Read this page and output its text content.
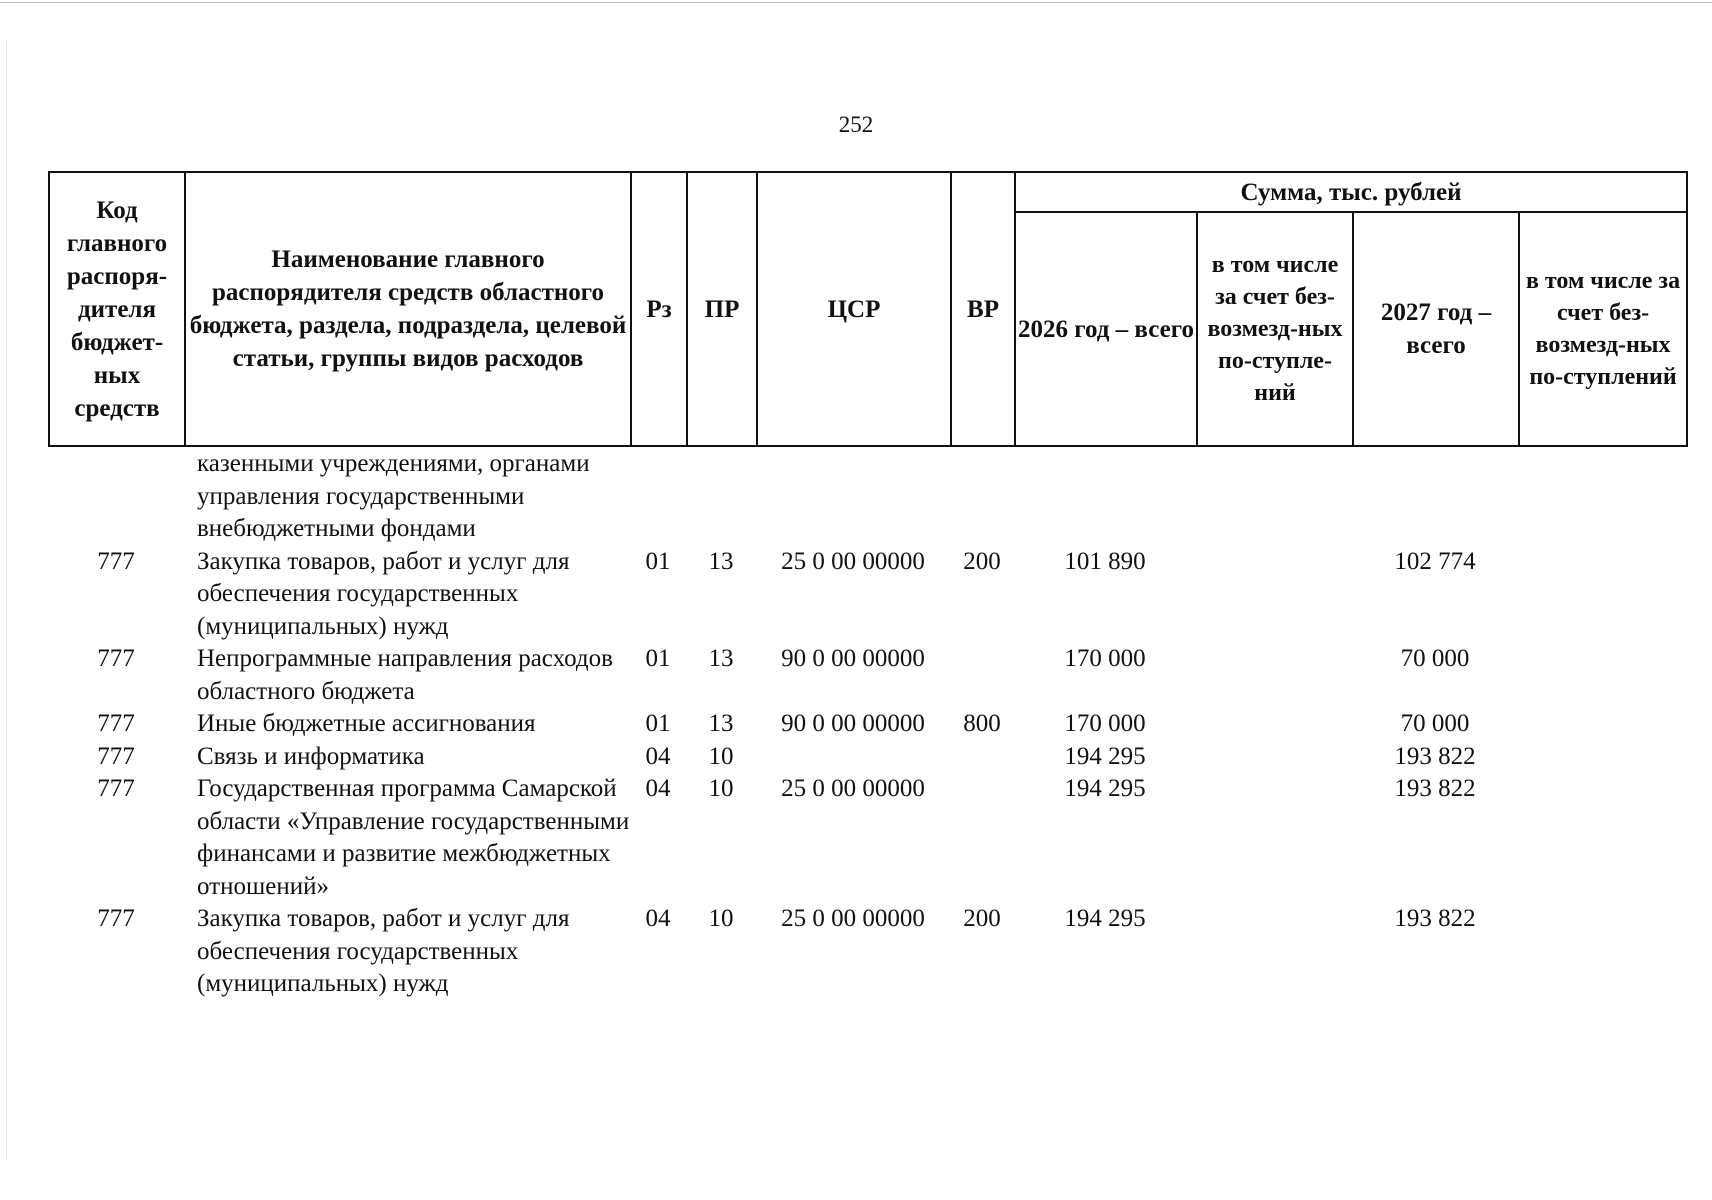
252
Код главного распоря-дителя бюджет-ных средств	Наименование главного распорядителя средств областного бюджета, раздела, подраздела, целевой статьи, группы видов расходов	Рз	ПР	ЦСР	ВР	Сумма, тыс. рублей			
						2026 год – всего	в том числе за счет без-возмезд-ных по-ступле-ний	2027 год – всего	в том числе за счет без-возмезд-ных по-ступлений
	казенными учреждениями, органами управления государственными внебюджетными фондами								
777	Закупка товаров, работ и услуг для обеспечения государственных (муниципальных) нужд	01	13	25 0 00 00000	200	101 890		102 774	
777	Непрограммные направления расходов областного бюджета	01	13	90 0 00 00000		170 000		70 000	
777	Иные бюджетные ассигнования	01	13	90 0 00 00000	800	170 000		70 000	
777	Связь и информатика	04	10			194 295		193 822	
777	Государственная программа Самарской области «Управление государственными финансами и развитие межбюджетных отношений»	04	10	25 0 00 00000		194 295		193 822	
777	Закупка товаров, работ и услуг для обеспечения государственных (муниципальных) нужд	04	10	25 0 00 00000	200	194 295		193 822	
